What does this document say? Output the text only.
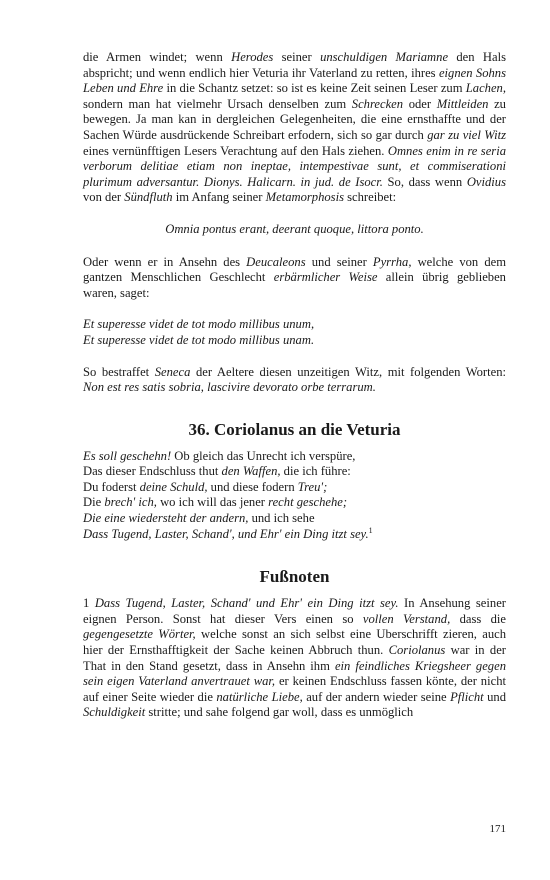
die Armen windet; wenn Herodes seiner unschuldigen Mariamne den Hals abspricht; und wenn endlich hier Veturia ihr Vaterland zu retten, ihres eignen Sohns Leben und Ehre in die Schantz setzet: so ist es keine Zeit seinen Leser zum Lachen, sondern man hat vielmehr Ursach denselben zum Schrecken oder Mittleiden zu bewegen. Ja man kan in dergleichen Gelegenheiten, die eine ernsthaffte und der Sachen Würde ausdrückende Schreibart erfodern, sich so gar durch gar zu viel Witz eines vernünfftigen Lesers Verachtung auf den Hals ziehen. Omnes enim in re seria verborum delitiae etiam non ineptae, intempestivae sunt, et commiserationi plurimum adversantur. Dionys. Halicarn. in jud. de Isocr. So, dass wenn Ovidius von der Sündfluth im Anfang seiner Metamorphosis schreibet:

Omnia pontus erant, deerant quoque, littora ponto.

Oder wenn er in Ansehn des Deucaleons und seiner Pyrrha, welche von dem gantzen Menschlichen Geschlecht erbärmlicher Weise allein übrig geblieben waren, saget:

Et superesse videt de tot modo millibus unum,
Et superesse videt de tot modo millibus unam.

So bestraffet Seneca der Aeltere diesen unzeitigen Witz, mit folgenden Worten: Non est res satis sobria, lascivire devorato orbe terrarum.

36. Coriolanus an die Veturia
Es soll geschehn! Ob gleich das Unrecht ich verspüre,
Das dieser Endschluss thut den Waffen, die ich führe:
Du foderst deine Schuld, und diese fodern Treu';
Die brech' ich, wo ich will das jener recht geschehe;
Die eine wiedersteht der andern, und ich sehe
Dass Tugend, Laster, Schand', und Ehr' ein Ding itzt sey.$^1$
Fußnoten

1 Dass Tugend, Laster, Schand' und Ehr' ein Ding itzt sey. In Ansehung seiner eignen Person. Sonst hat dieser Vers einen so vollen Verstand, dass die gegengesetzte Wörter, welche sonst an sich selbst eine Uberschrifft zieren, auch hier der Ernsthafftigkeit der Sache keinen Abbruch thun. Coriolanus war in der That in den Stand gesetzt, dass in Ansehn ihm ein feindliches Kriegsheer gegen sein eigen Vaterland anvertrauet war, er keinen Endschluss fassen könte, der nicht auf einer Seite wieder die natürliche Liebe, auf der andern wieder seine Pflicht und Schuldigkeit stritte; und sahe folgend gar woll, dass es unmöglich

171
